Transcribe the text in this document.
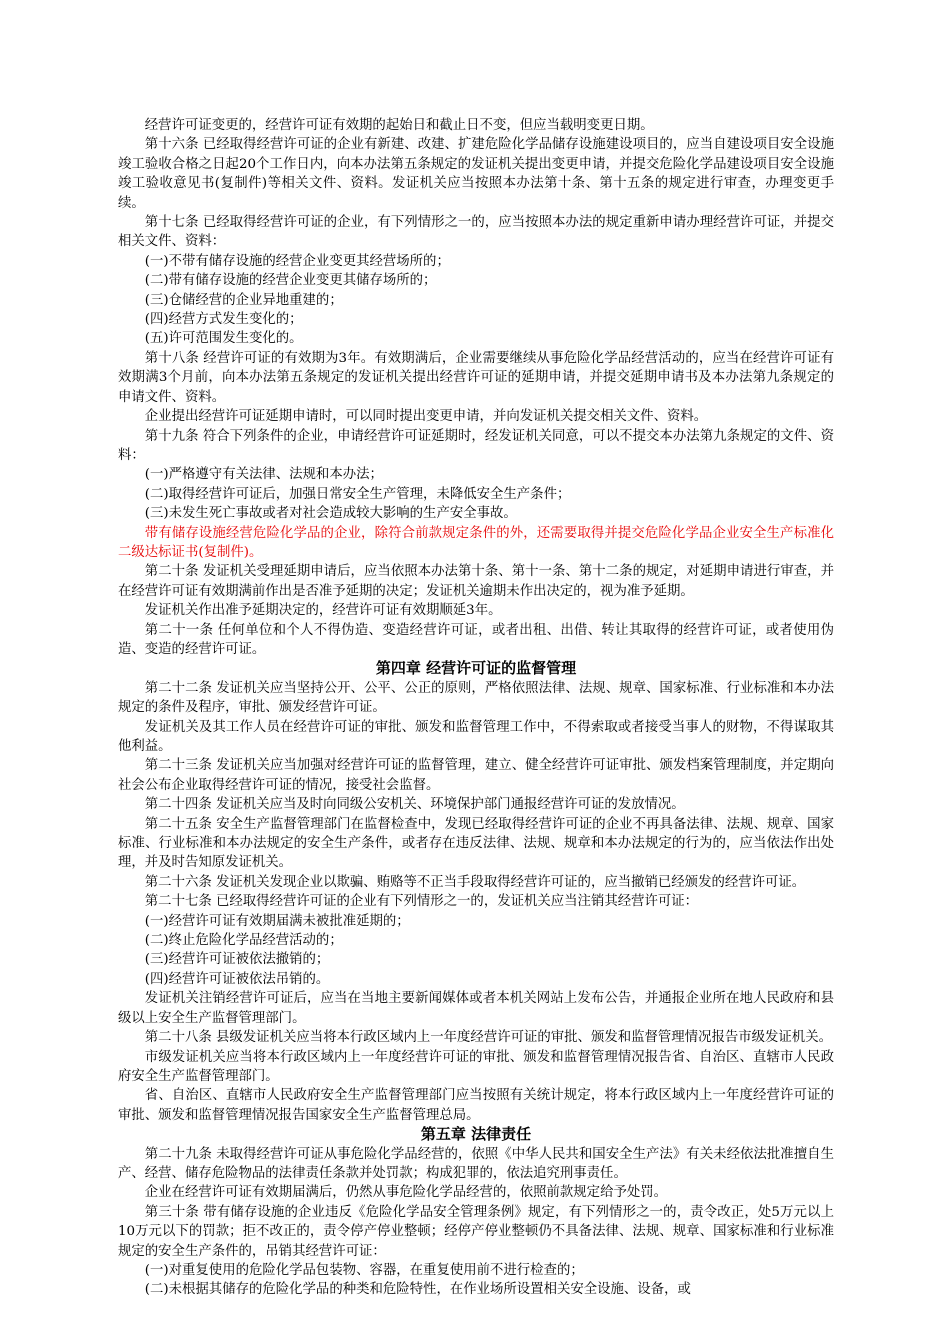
经营许可证变更的，经营许可证有效期的起始日和截止日不变，但应当载明变更日期。

第十六条 已经取得经营许可证的企业有新建、改建、扩建危险化学品储存设施建设项目的，应当自建设项目安全设施竣工验收合格之日起20个工作日内，向本办法第五条规定的发证机关提出变更申请，并提交危险化学品建设项目安全设施竣工验收意见书(复制件)等相关文件、资料。发证机关应当按照本办法第十条、第十五条的规定进行审查，办理变更手续。

第十七条 已经取得经营许可证的企业，有下列情形之一的，应当按照本办法的规定重新申请办理经营许可证，并提交相关文件、资料：

(一)不带有储存设施的经营企业变更其经营场所的；

(二)带有储存设施的经营企业变更其储存场所的；

(三)仓储经营的企业异地重建的；

(四)经营方式发生变化的；

(五)许可范围发生变化的。

第十八条 经营许可证的有效期为3年。有效期满后，企业需要继续从事危险化学品经营活动的，应当在经营许可证有效期满3个月前，向本办法第五条规定的发证机关提出经营许可证的延期申请，并提交延期申请书及本办法第九条规定的申请文件、资料。

企业提出经营许可证延期申请时，可以同时提出变更申请，并向发证机关提交相关文件、资料。

第十九条 符合下列条件的企业，申请经营许可证延期时，经发证机关同意，可以不提交本办法第九条规定的文件、资料：

(一)严格遵守有关法律、法规和本办法；

(二)取得经营许可证后，加强日常安全生产管理，未降低安全生产条件；

(三)未发生死亡事故或者对社会造成较大影响的生产安全事故。

带有储存设施经营危险化学品的企业，除符合前款规定条件的外，还需要取得并提交危险化学品企业安全生产标准化二级达标证书(复制件)。

第二十条 发证机关受理延期申请后，应当依照本办法第十条、第十一条、第十二条的规定，对延期申请进行审查，并在经营许可证有效期满前作出是否准予延期的决定；发证机关逾期未作出决定的，视为准予延期。

发证机关作出准予延期决定的，经营许可证有效期顺延3年。

第二十一条 任何单位和个人不得伪造、变造经营许可证，或者出租、出借、转让其取得的经营许可证，或者使用伪造、变造的经营许可证。

第四章 经营许可证的监督管理

第二十二条 发证机关应当坚持公开、公平、公正的原则，严格依照法律、法规、规章、国家标准、行业标准和本办法规定的条件及程序，审批、颁发经营许可证。

发证机关及其工作人员在经营许可证的审批、颁发和监督管理工作中，不得索取或者接受当事人的财物，不得谋取其他利益。

第二十三条 发证机关应当加强对经营许可证的监督管理，建立、健全经营许可证审批、颁发档案管理制度，并定期向社会公布企业取得经营许可证的情况，接受社会监督。

第二十四条 发证机关应当及时向同级公安机关、环境保护部门通报经营许可证的发放情况。

第二十五条 安全生产监督管理部门在监督检查中，发现已经取得经营许可证的企业不再具备法律、法规、规章、国家标准、行业标准和本办法规定的安全生产条件，或者存在违反法律、法规、规章和本办法规定的行为的，应当依法作出处理，并及时告知原发证机关。

第二十六条 发证机关发现企业以欺骗、贿赂等不正当手段取得经营许可证的，应当撤销已经颁发的经营许可证。

第二十七条 已经取得经营许可证的企业有下列情形之一的，发证机关应当注销其经营许可证：

(一)经营许可证有效期届满未被批准延期的；

(二)终止危险化学品经营活动的；

(三)经营许可证被依法撤销的；

(四)经营许可证被依法吊销的。

发证机关注销经营许可证后，应当在当地主要新闻媒体或者本机关网站上发布公告，并通报企业所在地人民政府和县级以上安全生产监督管理部门。

第二十八条 县级发证机关应当将本行政区域内上一年度经营许可证的审批、颁发和监督管理情况报告市级发证机关。

市级发证机关应当将本行政区域内上一年度经营许可证的审批、颁发和监督管理情况报告省、自治区、直辖市人民政府安全生产监督管理部门。

省、自治区、直辖市人民政府安全生产监督管理部门应当按照有关统计规定，将本行政区域内上一年度经营许可证的审批、颁发和监督管理情况报告国家安全生产监督管理总局。

第五章 法律责任

第二十九条 未取得经营许可证从事危险化学品经营的，依照《中华人民共和国安全生产法》有关未经依法批准擅自生产、经营、储存危险物品的法律责任条款并处罚款；构成犯罪的，依法追究刑事责任。

企业在经营许可证有效期届满后，仍然从事危险化学品经营的，依照前款规定给予处罚。

第三十条 带有储存设施的企业违反《危险化学品安全管理条例》规定，有下列情形之一的，责令改正，处5万元以上10万元以下的罚款；拒不改正的，责令停产停业整顿；经停产停业整顿仍不具备法律、法规、规章、国家标准和行业标准规定的安全生产条件的，吊销其经营许可证：

(一)对重复使用的危险化学品包装物、容器，在重复使用前不进行检查的；

(二)未根据其储存的危险化学品的种类和危险特性，在作业场所设置相关安全设施、设备，或
